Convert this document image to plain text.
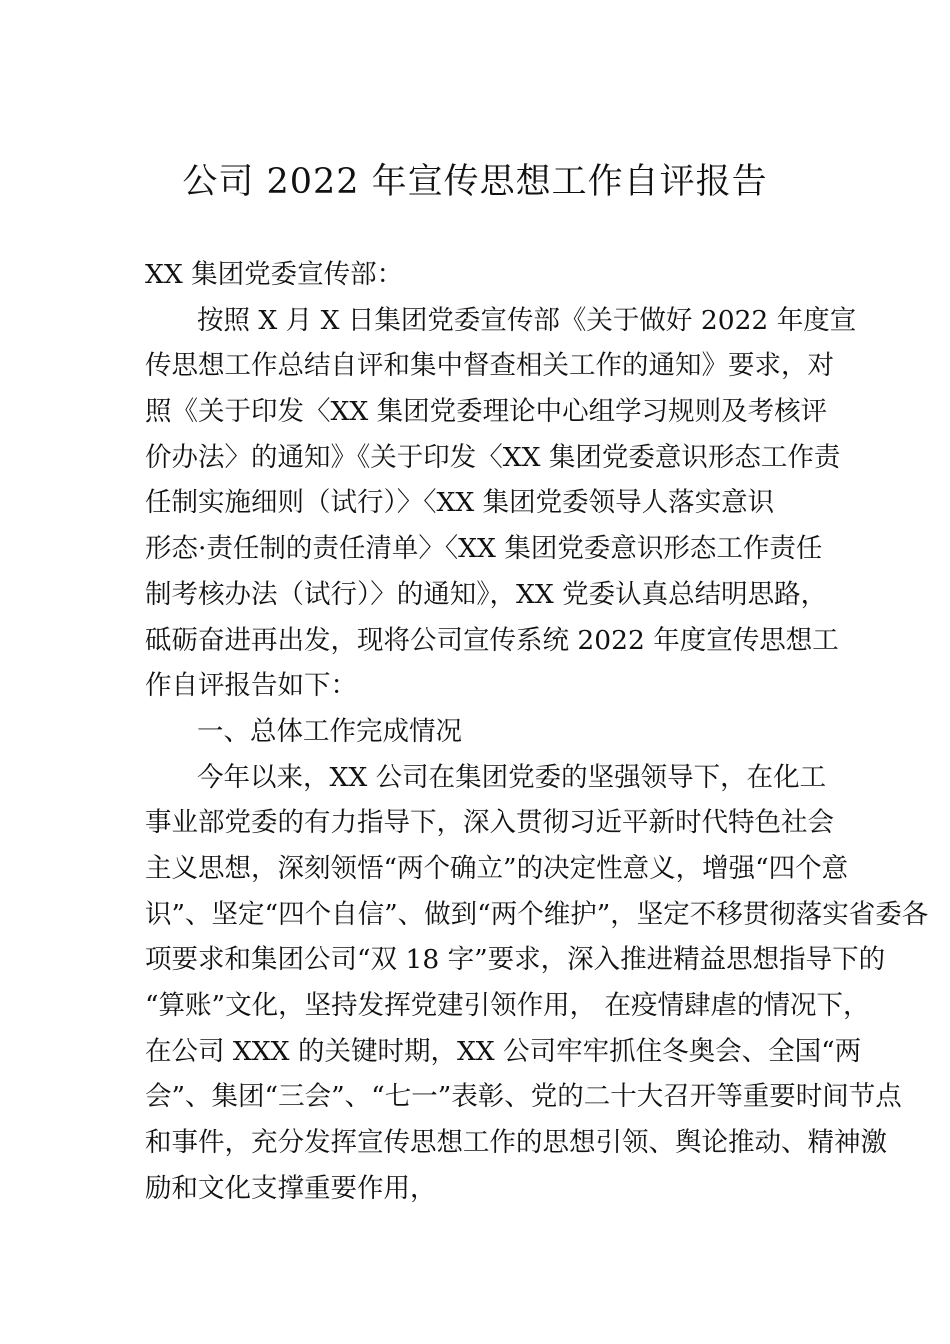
公司 2022 年宣传思想工作自评报告
XX 集团党委宣传部：
按照 X 月 X 日集团党委宣传部《关于做好 2022 年度宣
传思想工作总结自评和集中督查相关工作的通知》要求，对
照《关于印发〈XX 集团党委理论中心组学习规则及考核评
价办法〉的通知》《关于印发〈XX 集团党委意识形态工作责
任制实施细则（试行）〉〈XX 集团党委领导人落实意识
形态·责任制的责任清单〉〈XX 集团党委意识形态工作责任
制考核办法（试行）〉的通知》，XX 党委认真总结明思路，
砥砺奋进再出发，现将公司宣传系统 2022 年度宣传思想工
作自评报告如下：
一、总体工作完成情况
今年以来，XX 公司在集团党委的坚强领导下，在化工
事业部党委的有力指导下，深入贯彻习近平新时代特色社会
主义思想，深刻领悟“两个确立”的决定性意义，增强“四个意
识”、坚定“四个自信”、做到“两个维护”，坚定不移贯彻落实省委各
项要求和集团公司“双 18 字”要求，深入推进精益思想指导下的
“算账”文化，坚持发挥党建引领作用， 在疫情肆虐的情况下，
在公司 XXX 的关键时期，XX 公司牢牢抓住冬奥会、全国“两
会”、集团“三会”、“七一”表彰、党的二十大召开等重要时间节点
和事件，充分发挥宣传思想工作的思想引领、舆论推动、精神激
励和文化支撑重要作用，
